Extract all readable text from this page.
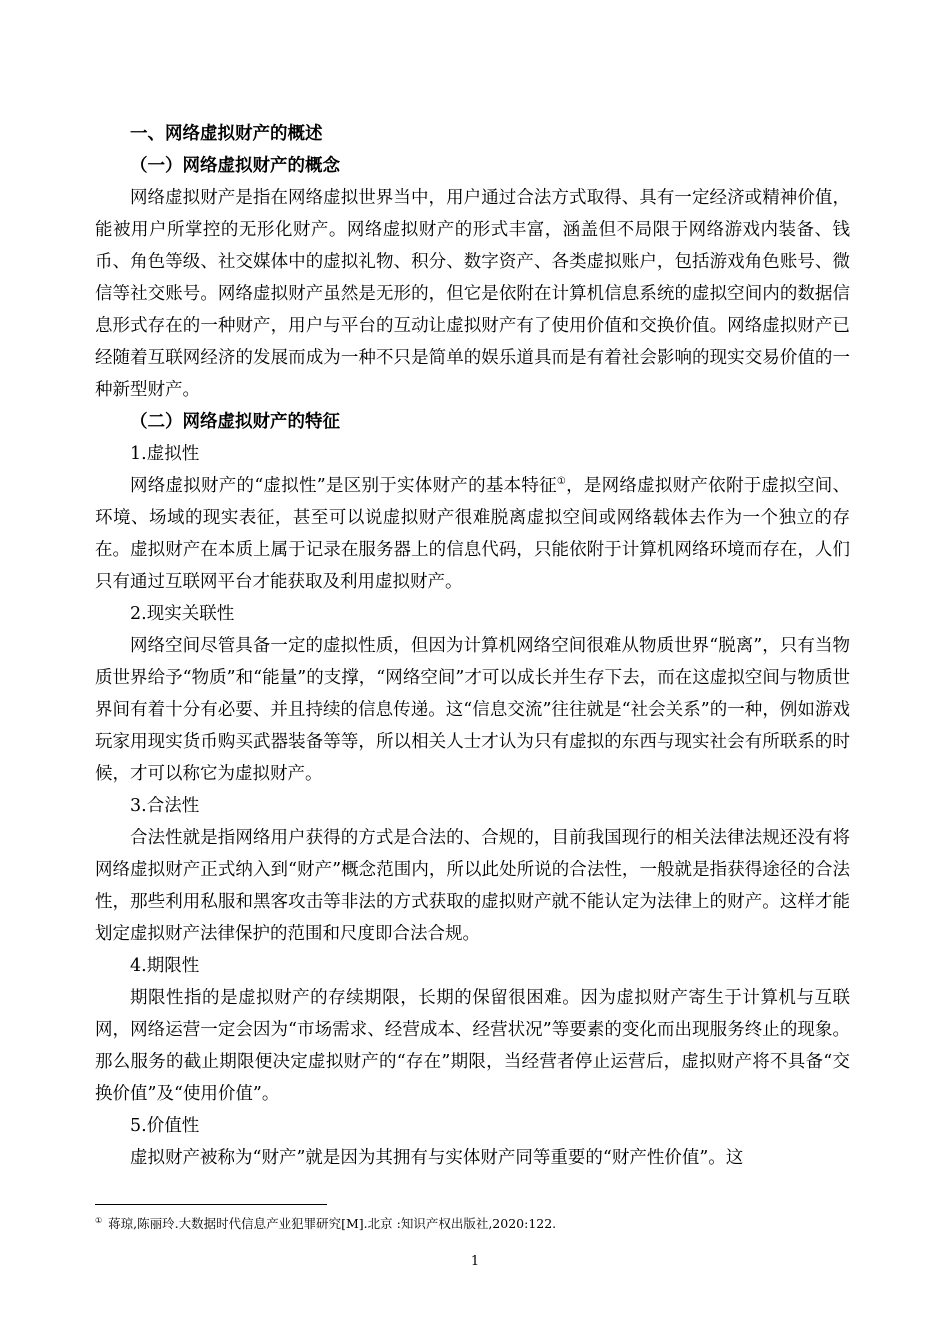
一、网络虚拟财产的概述

（一）网络虚拟财产的概念

网络虚拟财产是指在网络虚拟世界当中，用户通过合法方式取得、具有一定经济或精神价值，能被用户所掌控的无形化财产。网络虚拟财产的形式丰富，涵盖但不局限于网络游戏内装备、钱币、角色等级、社交媒体中的虚拟礼物、积分、数字资产、各类虚拟账户，包括游戏角色账号、微信等社交账号。网络虚拟财产虽然是无形的，但它是依附在计算机信息系统的虚拟空间内的数据信息形式存在的一种财产，用户与平台的互动让虚拟财产有了使用价值和交换价值。网络虚拟财产已经随着互联网经济的发展而成为一种不只是简单的娱乐道具而是有着社会影响的现实交易价值的一种新型财产。

（二）网络虚拟财产的特征

1.虚拟性

网络虚拟财产的“虚拟性”是区别于实体财产的基本特征①，是网络虚拟财产依附于虚拟空间、环境、场域的现实表征，甚至可以说虚拟财产很难脱离虚拟空间或网络载体去作为一个独立的存在。虚拟财产在本质上属于记录在服务器上的信息代码，只能依附于计算机网络环境而存在，人们只有通过互联网平台才能获取及利用虚拟财产。

2.现实关联性

网络空间尽管具备一定的虚拟性质，但因为计算机网络空间很难从物质世界“脱离”，只有当物质世界给予“物质”和“能量”的支撑，“网络空间”才可以成长并生存下去，而在这虚拟空间与物质世界间有着十分有必要、并且持续的信息传递。这“信息交流”往往就是“社会关系”的一种，例如游戏玩家用现实货币购买武器装备等等，所以相关人士才认为只有虚拟的东西与现实社会有所联系的时候，才可以称它为虚拟财产。

3.合法性

合法性就是指网络用户获得的方式是合法的、合规的，目前我国现行的相关法律法规还没有将网络虚拟财产正式纳入到“财产”概念范围内，所以此处所说的合法性，一般就是指获得途径的合法性，那些利用私服和黑客攻击等非法的方式获取的虚拟财产就不能认定为法律上的财产。这样才能划定虚拟财产法律保护的范围和尺度即合法合规。

4.期限性

期限性指的是虚拟财产的存续期限，长期的保留很困难。因为虚拟财产寄生于计算机与互联网，网络运营一定会因为“市场需求、经营成本、经营状况”等要素的变化而出现服务终止的现象。那么服务的截止期限便决定虚拟财产的“存在”期限，当经营者停止运营后，虚拟财产将不具备“交换价值”及“使用价值”。

5.价值性

虚拟财产被称为“财产”就是因为其拥有与实体财产同等重要的“财产性价值”。这

① 蒋琼,陈丽玲.大数据时代信息产业犯罪研究[M].北京 :知识产权出版社,2020:122.
1
